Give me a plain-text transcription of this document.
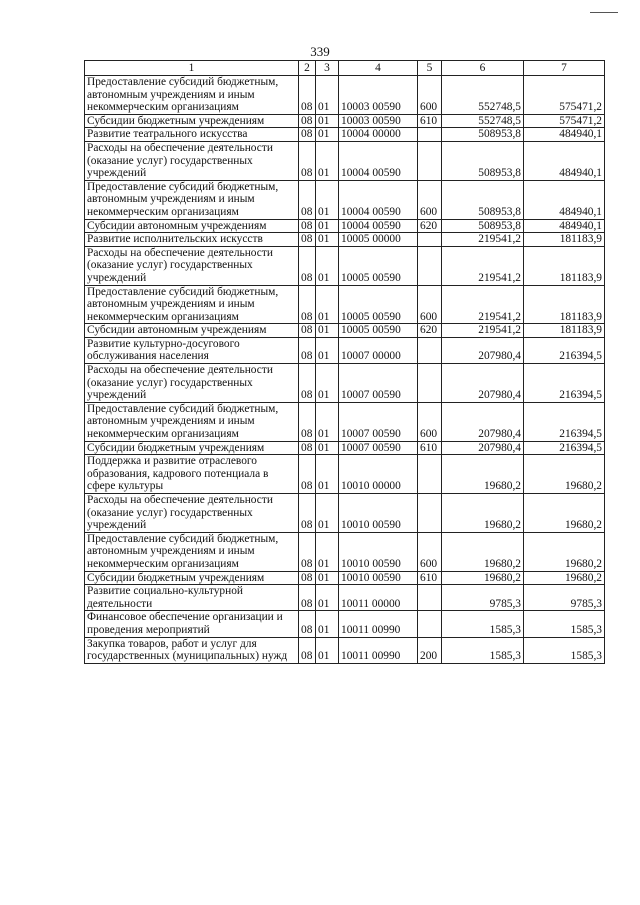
339
1	2	3	4	5	6	7
Предоставление субсидий бюджетным, автономным учреждениям и иным некоммерческим организациям	08	01	10003 00590	600	552748,5	575471,2
Субсидии бюджетным учреждениям	08	01	10003 00590	610	552748,5	575471,2
Развитие театрального искусства	08	01	10004 00000		508953,8	484940,1
Расходы на обеспечение деятельности (оказание услуг) государственных учреждений	08	01	10004 00590		508953,8	484940,1
Предоставление субсидий бюджетным, автономным учреждениям и иным некоммерческим организациям	08	01	10004 00590	600	508953,8	484940,1
Субсидии автономным учреждениям	08	01	10004 00590	620	508953,8	484940,1
Развитие исполнительских искусств	08	01	10005 00000		219541,2	181183,9
Расходы на обеспечение деятельности (оказание услуг) государственных учреждений	08	01	10005 00590		219541,2	181183,9
Предоставление субсидий бюджетным, автономным учреждениям и иным некоммерческим организациям	08	01	10005 00590	600	219541,2	181183,9
Субсидии автономным учреждениям	08	01	10005 00590	620	219541,2	181183,9
Развитие культурно-досугового обслуживания населения	08	01	10007 00000		207980,4	216394,5
Расходы на обеспечение деятельности (оказание услуг) государственных учреждений	08	01	10007 00590		207980,4	216394,5
Предоставление субсидий бюджетным, автономным учреждениям и иным некоммерческим организациям	08	01	10007 00590	600	207980,4	216394,5
Субсидии бюджетным учреждениям	08	01	10007 00590	610	207980,4	216394,5
Поддержка и развитие отраслевого образования, кадрового потенциала в сфере культуры	08	01	10010 00000		19680,2	19680,2
Расходы на обеспечение деятельности (оказание услуг) государственных учреждений	08	01	10010 00590		19680,2	19680,2
Предоставление субсидий бюджетным, автономным учреждениям и иным некоммерческим организациям	08	01	10010 00590	600	19680,2	19680,2
Субсидии бюджетным учреждениям	08	01	10010 00590	610	19680,2	19680,2
Развитие социально-культурной деятельности	08	01	10011 00000		9785,3	9785,3
Финансовое обеспечение организации и проведения мероприятий	08	01	10011 00990		1585,3	1585,3
Закупка товаров, работ и услуг для государственных (муниципальных) нужд	08	01	10011 00990	200	1585,3	1585,3
